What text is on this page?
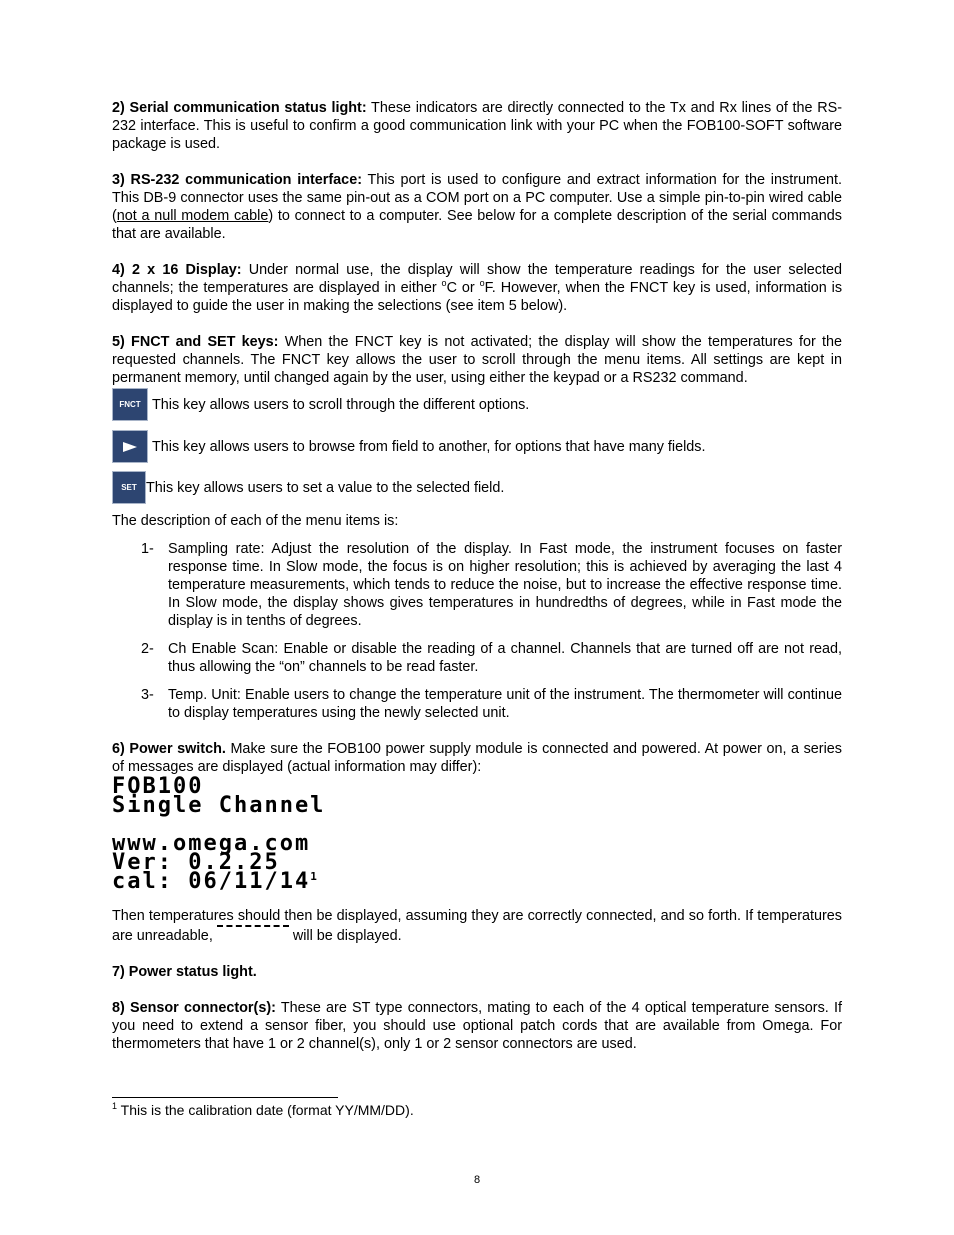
2) Serial communication status light: These indicators are directly connected to the Tx and Rx lines of the RS-232 interface. This is useful to confirm a good communication link with your PC when the FOB100-SOFT software package is used.

3) RS-232 communication interface: This port is used to configure and extract information for the instrument. This DB-9 connector uses the same pin-out as a COM port on a PC computer. Use a simple pin-to-pin wired cable (not a null modem cable) to connect to a computer. See below for a complete description of the serial commands that are available.

4) 2 x 16 Display: Under normal use, the display will show the temperature readings for the user selected channels; the temperatures are displayed in either $^o$C or $^o$F. However, when the FNCT key is used, information is displayed to guide the user in making the selections (see item 5 below).

5) FNCT and SET keys: When the FNCT key is not activated; the display will show the temperatures for the requested channels. The FNCT key allows the user to scroll through the menu items. All settings are kept in permanent memory, until changed again by the user, using either the keypad or a RS232 command.

FNCT This key allows users to scroll through the different options.
This key allows users to browse from field to another, for options that have many fields.
SET This key allows users to set a value to the selected field.

The description of each of the menu items is:

1- Sampling rate: Adjust the resolution of the display. In Fast mode, the instrument focuses on faster response time. In Slow mode, the focus is on higher resolution; this is achieved by averaging the last 4 temperature measurements, which tends to reduce the noise, but to increase the effective response time. In Slow mode, the display shows gives temperatures in hundredths of degrees, while in Fast mode the display is in tenths of degrees.
2- Ch Enable Scan: Enable or disable the reading of a channel. Channels that are turned off are not read, thus allowing the “on” channels to be read faster.
3- Temp. Unit: Enable users to change the temperature unit of the instrument. The thermometer will continue to display temperatures using the newly selected unit.

6) Power switch. Make sure the FOB100 power supply module is connected and powered. At power on, a series of messages are displayed (actual information may differ):

FOB100
Single Channel
www.omega.com
Ver: 0.2.25
cal: $06/11/14^1$

Then temperatures should then be displayed, assuming they are correctly connected, and so forth. If temperatures are unreadable,	will be displayed.

7) Power status light.

8) Sensor connector(s): These are ST type connectors, mating to each of the 4 optical temperature sensors. If you need to extend a sensor fiber, you should use optional patch cords that are available from Omega. For thermometers that have 1 or 2 channel(s), only 1 or 2 sensor connectors are used.

$^1$ This is the calibration date (format YY/MM/DD).
8
